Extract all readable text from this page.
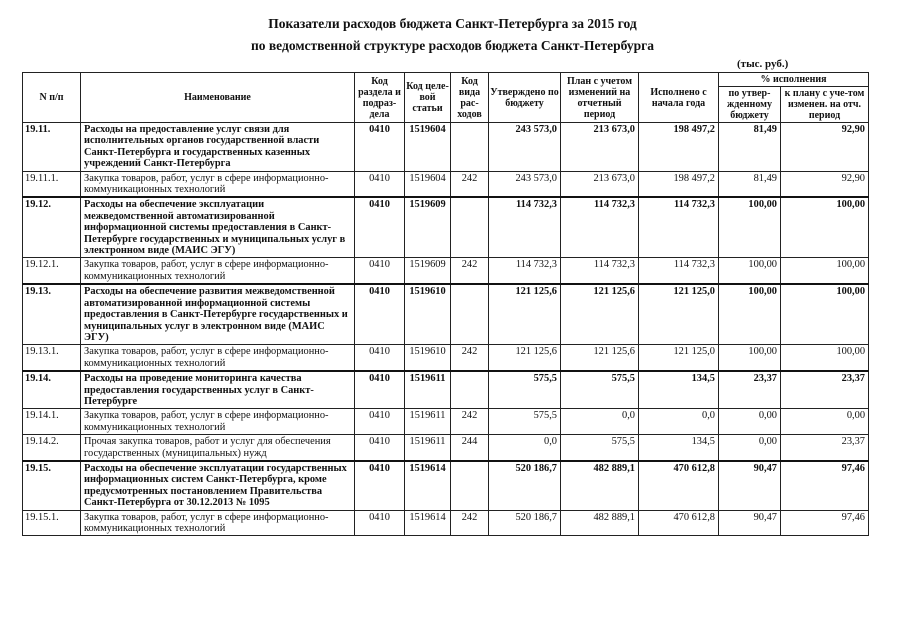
Показатели расходов бюджета Санкт-Петербурга за 2015 год
по ведомственной структуре расходов бюджета Санкт-Петербурга
(тыс. руб.)
N п/п	Наименование	Код раздела и подраз-дела	Код целе-вой статьи	Код вида рас-ходов	Утверждено по бюджету	План с учетом изменений на отчетный период	Исполнено с начала года	% исполнения	
								по утвер-жденному бюджету	к плану с уче-том изменен. на отч. период
19.11.	Расходы на предоставление услуг связи для исполнительных органов государственной власти Санкт-Петербурга и государственных казенных учреждений Санкт-Петербурга	0410	1519604		243 573,0	213 673,0	198 497,2	81,49	92,90
19.11.1.	Закупка товаров, работ, услуг в сфере информационно-коммуникационных технологий	0410	1519604	242	243 573,0	213 673,0	198 497,2	81,49	92,90
19.12.	Расходы на обеспечение эксплуатации межведомственной автоматизированной информационной системы предоставления в Санкт-Петербурге государственных и муниципальных услуг в электронном виде (МАИС ЭГУ)	0410	1519609		114 732,3	114 732,3	114 732,3	100,00	100,00
19.12.1.	Закупка товаров, работ, услуг в сфере информационно-коммуникационных технологий	0410	1519609	242	114 732,3	114 732,3	114 732,3	100,00	100,00
19.13.	Расходы на обеспечение развития межведомственной автоматизированной информационной системы предоставления в Санкт-Петербурге государственных и муниципальных услуг в электронном виде (МАИС ЭГУ)	0410	1519610		121 125,6	121 125,6	121 125,0	100,00	100,00
19.13.1.	Закупка товаров, работ, услуг в сфере информационно-коммуникационных технологий	0410	1519610	242	121 125,6	121 125,6	121 125,0	100,00	100,00
19.14.	Расходы на проведение мониторинга качества предоставления государственных услуг в Санкт-Петербурге	0410	1519611		575,5	575,5	134,5	23,37	23,37
19.14.1.	Закупка товаров, работ, услуг в сфере информационно-коммуникационных технологий	0410	1519611	242	575,5	0,0	0,0	0,00	0,00
19.14.2.	Прочая закупка товаров, работ и услуг для обеспечения государственных (муниципальных) нужд	0410	1519611	244	0,0	575,5	134,5	0,00	23,37
19.15.	Расходы на обеспечение эксплуатации государственных информационных систем Санкт-Петербурга, кроме предусмотренных постановлением Правительства Санкт-Петербурга от 30.12.2013 № 1095	0410	1519614		520 186,7	482 889,1	470 612,8	90,47	97,46
19.15.1.	Закупка товаров, работ, услуг в сфере информационно-коммуникационных технологий	0410	1519614	242	520 186,7	482 889,1	470 612,8	90,47	97,46
